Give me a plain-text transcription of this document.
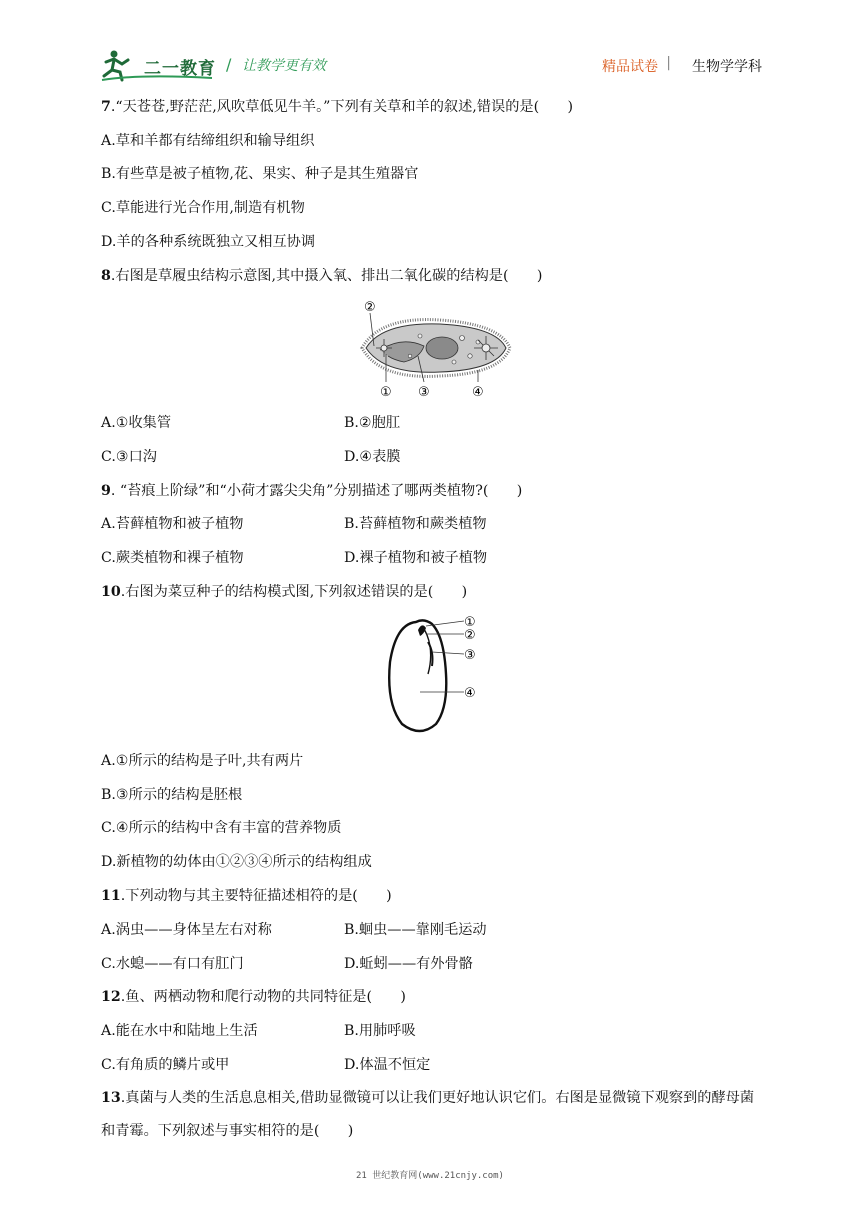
二一教育 / 让教学更有效	精品试卷 | 生物学学科
7.“天苍苍,野茫茫,风吹草低见牛羊。”下列有关草和羊的叙述,错误的是(　　)
A.草和羊都有结缔组织和输导组织
B.有些草是被子植物,花、果实、种子是其生殖器官
C.草能进行光合作用,制造有机物
D.羊的各种系统既独立又相互协调
8.右图是草履虫结构示意图,其中摄入氧、排出二氧化碳的结构是(　　)
②
① ③	④
A.①收集管	B.②胞肛
C.③口沟	D.④表膜
9. “苔痕上阶绿”和“小荷才露尖尖角”分别描述了哪两类植物?(　　)
A.苔藓植物和被子植物	B.苔藓植物和蕨类植物
C.蕨类植物和裸子植物	D.裸子植物和被子植物
10.右图为菜豆种子的结构模式图,下列叙述错误的是(　　)
①
②
③
④
A.①所示的结构是子叶,共有两片
B.③所示的结构是胚根
C.④所示的结构中含有丰富的营养物质
D.新植物的幼体由①②③④所示的结构组成
11.下列动物与其主要特征描述相符的是(　　)
A.涡虫——身体呈左右对称	B.蛔虫——靠刚毛运动
C.水螅——有口有肛门	D.蚯蚓——有外骨骼
12.鱼、两栖动物和爬行动物的共同特征是(　　)
A.能在水中和陆地上生活	B.用肺呼吸
C.有角质的鳞片或甲	D.体温不恒定
13.真菌与人类的生活息息相关,借助显微镜可以让我们更好地认识它们。右图是显微镜下观察到的酵母菌和青霉。下列叙述与事实相符的是(　　)
21 世纪教育网(www.21cnjy.com)
